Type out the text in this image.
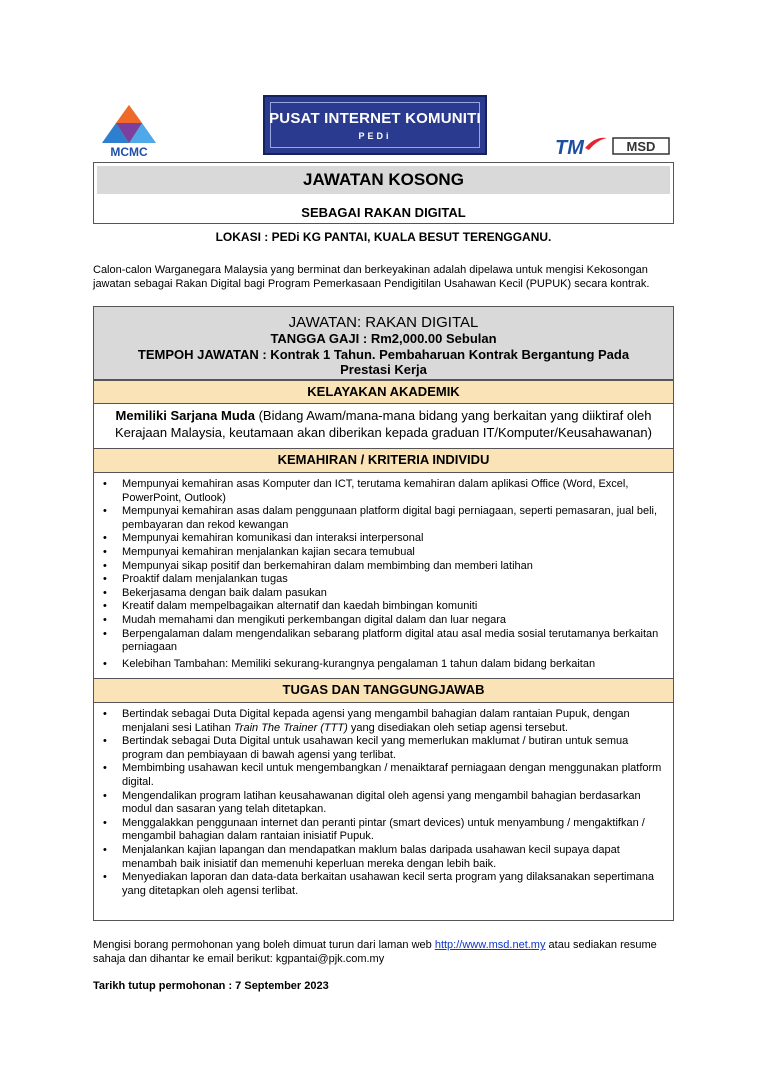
MCMC
PUSAT INTERNET KOMUNITI
PEDi
TM	MSD
JAWATAN KOSONG
SEBAGAI RAKAN DIGITAL
LOKASI : PEDi KG PANTAI, KUALA BESUT TERENGGANU.
Calon-calon Warganegara Malaysia yang berminat dan berkeyakinan adalah dipelawa untuk mengisi Kekosongan jawatan sebagai Rakan Digital bagi Program Pemerkasaan Pendigitilan Usahawan Kecil (PUPUK) secara kontrak.
JAWATAN: RAKAN DIGITAL
TANGGA GAJI : Rm2,000.00 Sebulan
TEMPOH JAWATAN : Kontrak 1 Tahun. Pembaharuan Kontrak Bergantung Pada Prestasi Kerja
KELAYAKAN AKADEMIK
Memiliki Sarjana Muda (Bidang Awam/mana-mana bidang yang berkaitan yang diiktiraf oleh Kerajaan Malaysia, keutamaan akan diberikan kepada graduan IT/Komputer/Keusahawanan)
KEMAHIRAN / KRITERIA INDIVIDU
• Mempunyai kemahiran asas Komputer dan ICT, terutama kemahiran dalam aplikasi Office (Word, Excel, PowerPoint, Outlook)
• Mempunyai kemahiran asas dalam penggunaan platform digital bagi perniagaan, seperti pemasaran, jual beli, pembayaran dan rekod kewangan
• Mempunyai kemahiran komunikasi dan interaksi interpersonal
• Mempunyai kemahiran menjalankan kajian secara temubual
• Mempunyai sikap positif dan berkemahiran dalam membimbing dan memberi latihan
• Proaktif dalam menjalankan tugas
• Bekerjasama dengan baik dalam pasukan
• Kreatif dalam mempelbagaikan alternatif dan kaedah bimbingan komuniti
• Mudah memahami dan mengikuti perkembangan digital dalam dan luar negara
• Berpengalaman dalam mengendalikan sebarang platform digital atau asal media sosial terutamanya berkaitan perniagaan
• Kelebihan Tambahan: Memiliki sekurang-kurangnya pengalaman 1 tahun dalam bidang berkaitan
TUGAS DAN TANGGUNGJAWAB
• Bertindak sebagai Duta Digital kepada agensi yang mengambil bahagian dalam rantaian Pupuk, dengan menjalani sesi Latihan Train The Trainer (TTT) yang disediakan oleh setiap agensi tersebut.
• Bertindak sebagai Duta Digital untuk usahawan kecil yang memerlukan maklumat / butiran untuk semua program dan pembiayaan di bawah agensi yang terlibat.
• Membimbing usahawan kecil untuk mengembangkan / menaiktaraf perniagaan dengan menggunakan platform digital.
• Mengendalikan program latihan keusahawanan digital oleh agensi yang mengambil bahagian berdasarkan modul dan sasaran yang telah ditetapkan.
• Menggalakkan penggunaan internet dan peranti pintar (smart devices) untuk menyambung / mengaktifkan / mengambil bahagian dalam rantaian inisiatif Pupuk.
• Menjalankan kajian lapangan dan mendapatkan maklum balas daripada usahawan kecil supaya dapat menambah baik inisiatif dan memenuhi keperluan mereka dengan lebih baik.
• Menyediakan laporan dan data-data berkaitan usahawan kecil serta program yang dilaksanakan sepertimana yang ditetapkan oleh agensi terlibat.
Mengisi borang permohonan yang boleh dimuat turun dari laman web http://www.msd.net.my atau sediakan resume sahaja dan dihantar ke email berikut: kgpantai@pjk.com.my
Tarikh tutup permohonan : 7 September 2023
